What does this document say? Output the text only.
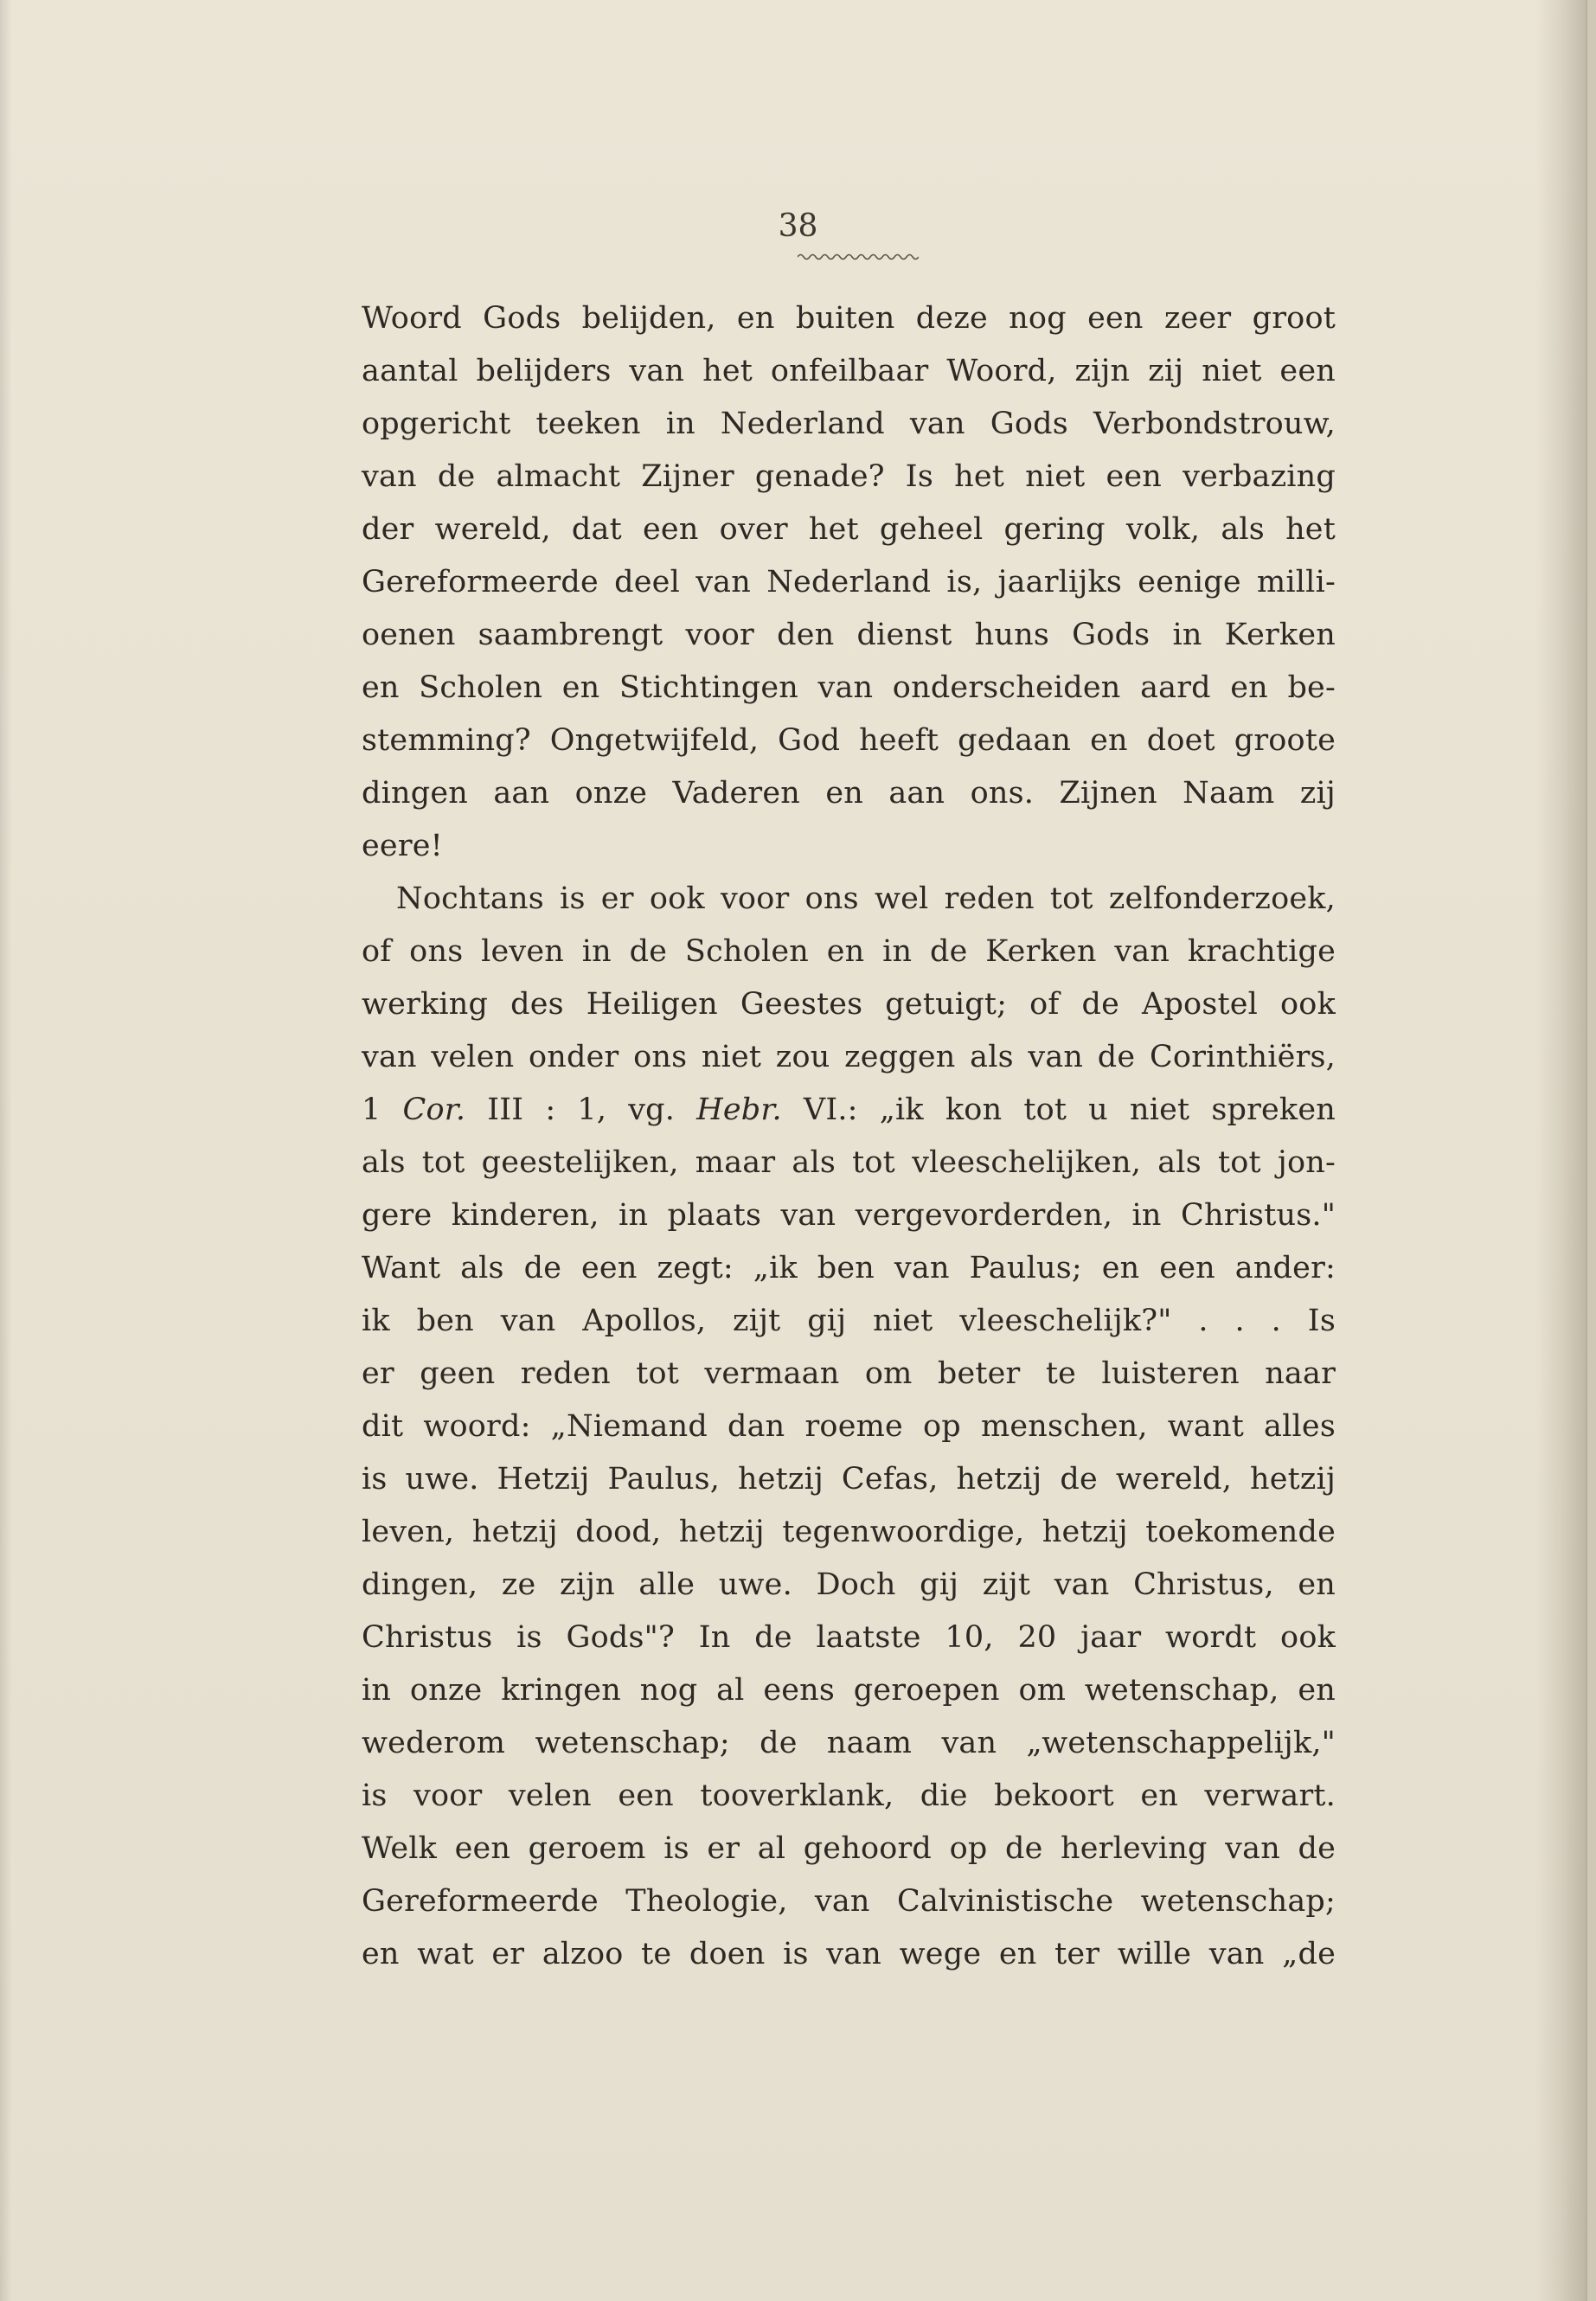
38
Woord Gods belijden, en buiten deze nog een zeer groot
aantal belijders van het onfeilbaar Woord, zijn zij niet een
opgericht teeken in Nederland van Gods Verbondstrouw,
van de almacht Zijner genade? Is het niet een verbazing
der wereld, dat een over het geheel gering volk, als het
Gereformeerde deel van Nederland is, jaarlijks eenige milli-
oenen saambrengt voor den dienst huns Gods in Kerken
en Scholen en Stichtingen van onderscheiden aard en be-
stemming? Ongetwijfeld, God heeft gedaan en doet groote
dingen aan onze Vaderen en aan ons. Zijnen Naam zij
eere!
Nochtans is er ook voor ons wel reden tot zelfonderzoek,
of ons leven in de Scholen en in de Kerken van krachtige
werking des Heiligen Geestes getuigt; of de Apostel ook
van velen onder ons niet zou zeggen als van de Corinthiërs,
1 Cor. III : 1, vg. Hebr. VI.: „ik kon tot u niet spreken
als tot geestelijken, maar als tot vleeschelijken, als tot jon-
gere kinderen, in plaats van vergevorderden, in Christus."
Want als de een zegt: „ik ben van Paulus; en een ander:
ik ben van Apollos, zijt gij niet vleeschelijk?" . . . Is
er geen reden tot vermaan om beter te luisteren naar
dit woord: „Niemand dan roeme op menschen, want alles
is uwe. Hetzij Paulus, hetzij Cefas, hetzij de wereld, hetzij
leven, hetzij dood, hetzij tegenwoordige, hetzij toekomende
dingen, ze zijn alle uwe. Doch gij zijt van Christus, en
Christus is Gods"? In de laatste 10, 20 jaar wordt ook
in onze kringen nog al eens geroepen om wetenschap, en
wederom wetenschap; de naam van „wetenschappelijk,"
is voor velen een tooverklank, die bekoort en verwart.
Welk een geroem is er al gehoord op de herleving van de
Gereformeerde Theologie, van Calvinistische wetenschap;
en wat er alzoo te doen is van wege en ter wille van „de
